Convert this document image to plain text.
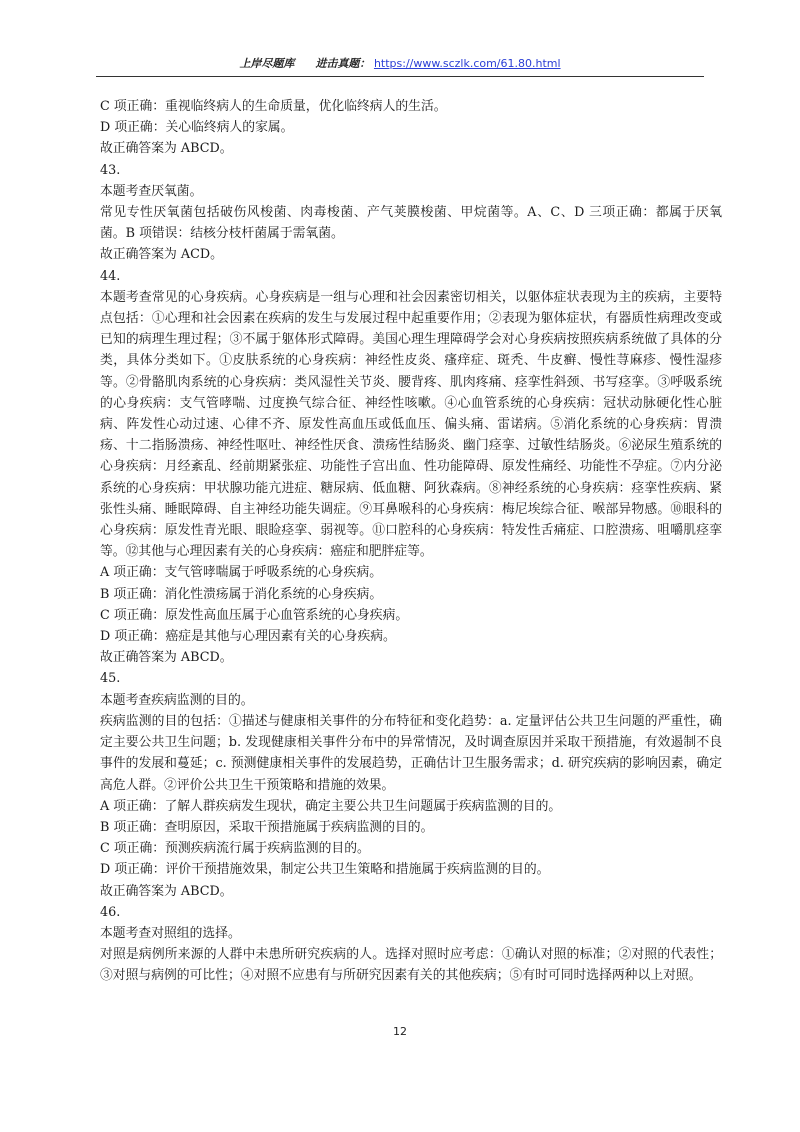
上岸尽题库 进击真题： https://www.sczlk.com/61.80.html

C 项正确：重视临终病人的生命质量，优化临终病人的生活。

D 项正确：关心临终病人的家属。

故正确答案为 ABCD。

43.

本题考查厌氧菌。

常见专性厌氧菌包括破伤风梭菌、肉毒梭菌、产气荚膜梭菌、甲烷菌等。A、C、D 三项正确：都属于厌氧菌。B 项错误：结核分枝杆菌属于需氧菌。

故正确答案为 ACD。

44.

本题考查常见的心身疾病。心身疾病是一组与心理和社会因素密切相关，以躯体症状表现为主的疾病，主要特点包括：①心理和社会因素在疾病的发生与发展过程中起重要作用；②表现为躯体症状，有器质性病理改变或已知的病理生理过程；③不属于躯体形式障碍。美国心理生理障碍学会对心身疾病按照疾病系统做了具体的分类，具体分类如下。①皮肤系统的心身疾病：神经性皮炎、瘙痒症、斑秃、牛皮癣、慢性荨麻疹、慢性湿疹等。②骨骼肌肉系统的心身疾病：类风湿性关节炎、腰背疼、肌肉疼痛、痉挛性斜颈、书写痉挛。③呼吸系统的心身疾病：支气管哮喘、过度换气综合征、神经性咳嗽。④心血管系统的心身疾病：冠状动脉硬化性心脏病、阵发性心动过速、心律不齐、原发性高血压或低血压、偏头痛、雷诺病。⑤消化系统的心身疾病：胃溃疡、十二指肠溃疡、神经性呕吐、神经性厌食、溃疡性结肠炎、幽门痉挛、过敏性结肠炎。⑥泌尿生殖系统的心身疾病：月经紊乱、经前期紧张症、功能性子宫出血、性功能障碍、原发性痛经、功能性不孕症。⑦内分泌系统的心身疾病：甲状腺功能亢进症、糖尿病、低血糖、阿狄森病。⑧神经系统的心身疾病：痉挛性疾病、紧张性头痛、睡眠障碍、自主神经功能失调症。⑨耳鼻喉科的心身疾病：梅尼埃综合征、喉部异物感。⑩眼科的心身疾病：原发性青光眼、眼睑痉挛、弱视等。⑪口腔科的心身疾病：特发性舌痛症、口腔溃疡、咀嚼肌痉挛等。⑫其他与心理因素有关的心身疾病：癌症和肥胖症等。

A 项正确：支气管哮喘属于呼吸系统的心身疾病。

B 项正确：消化性溃疡属于消化系统的心身疾病。

C 项正确：原发性高血压属于心血管系统的心身疾病。

D 项正确：癌症是其他与心理因素有关的心身疾病。

故正确答案为 ABCD。

45.

本题考查疾病监测的目的。

疾病监测的目的包括：①描述与健康相关事件的分布特征和变化趋势：a. 定量评估公共卫生问题的严重性，确定主要公共卫生问题；b. 发现健康相关事件分布中的异常情况，及时调查原因并采取干预措施，有效遏制不良事件的发展和蔓延；c. 预测健康相关事件的发展趋势，正确估计卫生服务需求；d. 研究疾病的影响因素，确定高危人群。②评价公共卫生干预策略和措施的效果。

A 项正确：了解人群疾病发生现状，确定主要公共卫生问题属于疾病监测的目的。

B 项正确：查明原因，采取干预措施属于疾病监测的目的。

C 项正确：预测疾病流行属于疾病监测的目的。

D 项正确：评价干预措施效果，制定公共卫生策略和措施属于疾病监测的目的。

故正确答案为 ABCD。

46.

本题考查对照组的选择。

对照是病例所来源的人群中未患所研究疾病的人。选择对照时应考虑：①确认对照的标准；②对照的代表性；③对照与病例的可比性；④对照不应患有与所研究因素有关的其他疾病；⑤有时可同时选择两种以上对照。

12
